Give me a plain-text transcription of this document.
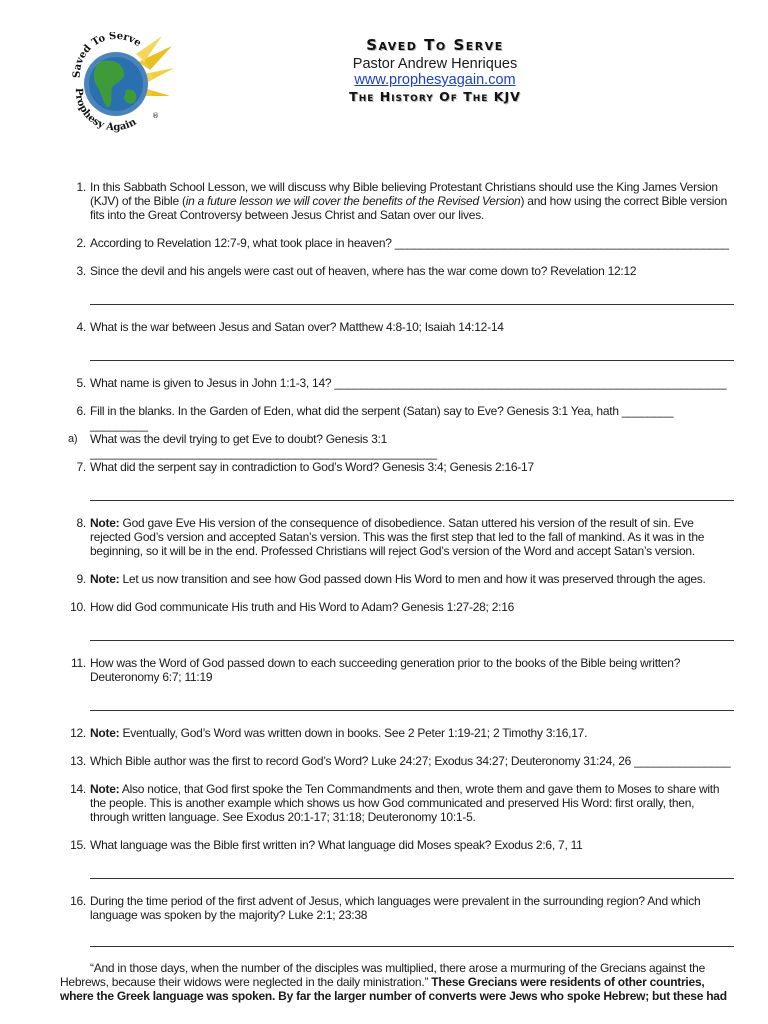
Saved To Serve
Prophesy Again
®
Saved To Serve
Pastor Andrew Henriques
www.prophesyagain.com
The History Of The KJV
1. In this Sabbath School Lesson, we will discuss why Bible believing Protestant Christians should use the King James Version (KJV) of the Bible (in a future lesson we will cover the benefits of the Revised Version) and how using the correct Bible version fits into the Great Controversy between Jesus Christ and Satan over our lives.
2. According to Revelation 12:7-9, what took place in heaven? ____________________________________________________
3. Since the devil and his angels were cast out of heaven, where has the war come down to? Revelation 12:12
4. What is the war between Jesus and Satan over? Matthew 4:8-10; Isaiah 14:12-14
5. What name is given to Jesus in John 1:1-3, 14? _____________________________________________________________
6. Fill in the blanks. In the Garden of Eden, what did the serpent (Satan) say to Eve? Genesis 3:1 Yea, hath ________ _________
a)	What was the devil trying to get Eve to doubt? Genesis 3:1 ______________________________________________________
7. What did the serpent say in contradiction to God’s Word? Genesis 3:4; Genesis 2:16-17
8. Note: God gave Eve His version of the consequence of disobedience. Satan uttered his version of the result of sin. Eve rejected God’s version and accepted Satan’s version. This was the first step that led to the fall of mankind. As it was in the beginning, so it will be in the end. Professed Christians will reject God’s version of the Word and accept Satan’s version.
9. Note: Let us now transition and see how God passed down His Word to men and how it was preserved through the ages.
10. How did God communicate His truth and His Word to Adam? Genesis 1:27-28; 2:16
11. How was the Word of God passed down to each succeeding generation prior to the books of the Bible being written? Deuteronomy 6:7; 11:19
12. Note: Eventually, God’s Word was written down in books. See 2 Peter 1:19-21; 2 Timothy 3:16,17.
13. Which Bible author was the first to record God’s Word? Luke 24:27; Exodus 34:27; Deuteronomy 31:24, 26 _______________
14. Note: Also notice, that God first spoke the Ten Commandments and then, wrote them and gave them to Moses to share with the people. This is another example which shows us how God communicated and preserved His Word: first orally, then, through written language. See Exodus 20:1-17; 31:18; Deuteronomy 10:1-5.
15. What language was the Bible first written in? What language did Moses speak? Exodus 2:6, 7, 11
16. During the time period of the first advent of Jesus, which languages were prevalent in the surrounding region? And which language was spoken by the majority? Luke 2:1; 23:38
“And in those days, when the number of the disciples was multiplied, there arose a murmuring of the Grecians against the Hebrews, because their widows were neglected in the daily ministration.” These Grecians were residents of other countries, where the Greek language was spoken. By far the larger number of converts were Jews who spoke Hebrew; but these had
